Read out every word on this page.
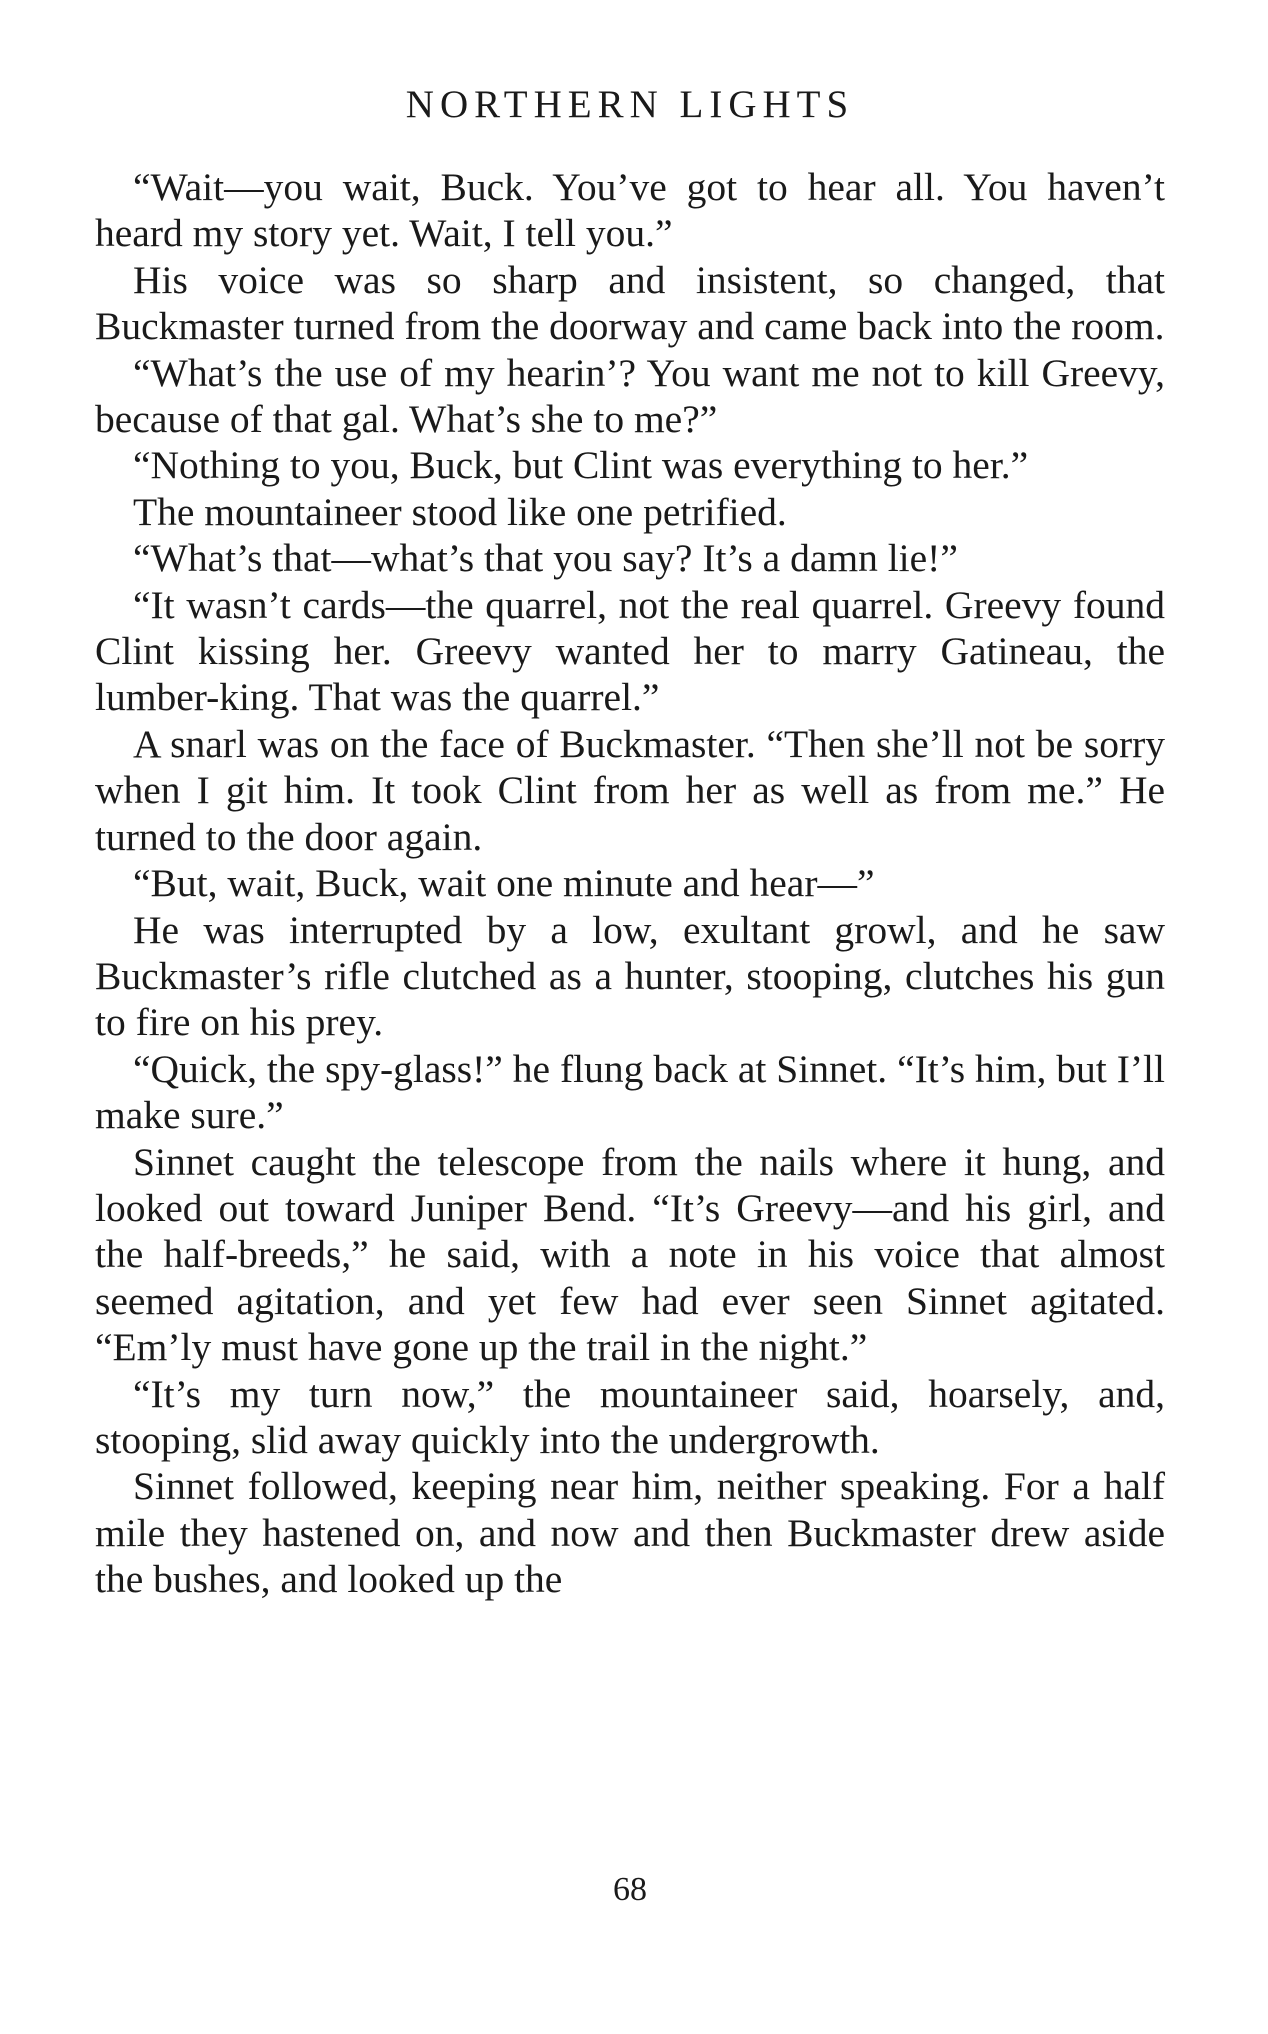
NORTHERN LIGHTS

“Wait—you wait, Buck. You’ve got to hear all. You haven’t heard my story yet. Wait, I tell you.”

His voice was so sharp and insistent, so changed, that Buckmaster turned from the doorway and came back into the room.

“What’s the use of my hearin’? You want me not to kill Greevy, because of that gal. What’s she to me?”

“Nothing to you, Buck, but Clint was everything to her.”

The mountaineer stood like one petrified.

“What’s that—what’s that you say? It’s a damn lie!”

“It wasn’t cards—the quarrel, not the real quarrel. Greevy found Clint kissing her. Greevy wanted her to marry Gatineau, the lumber-king. That was the quarrel.”

A snarl was on the face of Buckmaster. “Then she’ll not be sorry when I git him. It took Clint from her as well as from me.” He turned to the door again.

“But, wait, Buck, wait one minute and hear—”

He was interrupted by a low, exultant growl, and he saw Buckmaster’s rifle clutched as a hunter, stooping, clutches his gun to fire on his prey.

“Quick, the spy-glass!” he flung back at Sinnet. “It’s him, but I’ll make sure.”

Sinnet caught the telescope from the nails where it hung, and looked out toward Juniper Bend. “It’s Greevy—and his girl, and the half-breeds,” he said, with a note in his voice that almost seemed agitation, and yet few had ever seen Sinnet agitated. “Em’ly must have gone up the trail in the night.”

“It’s my turn now,” the mountaineer said, hoarsely, and, stooping, slid away quickly into the undergrowth.

Sinnet followed, keeping near him, neither speaking. For a half mile they hastened on, and now and then Buckmaster drew aside the bushes, and looked up the

68
